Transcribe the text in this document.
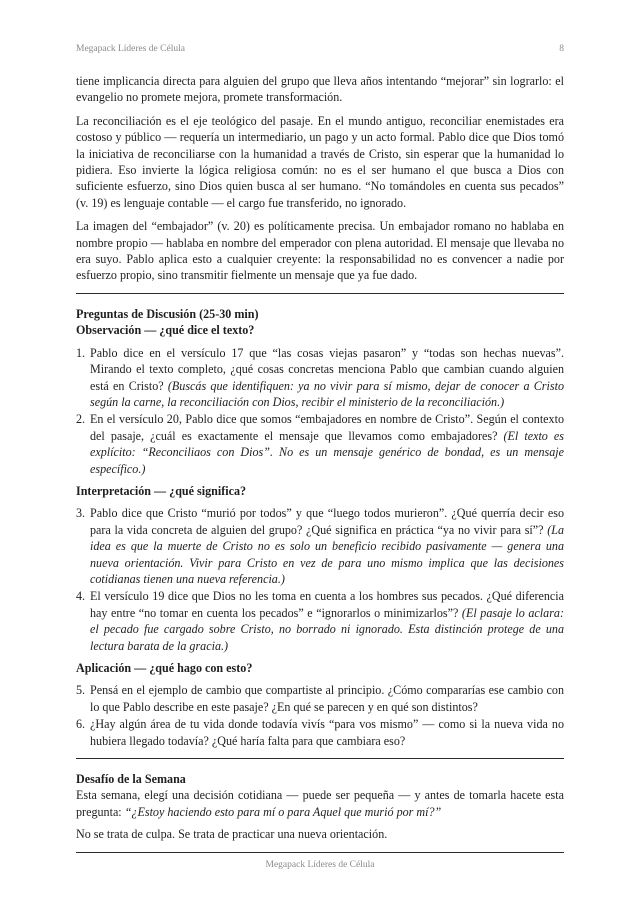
Megapack Líderes de Célula	8

tiene implicancia directa para alguien del grupo que lleva años intentando “mejorar” sin lograrlo: el evangelio no promete mejora, promete transformación.

La reconciliación es el eje teológico del pasaje. En el mundo antiguo, reconciliar enemistades era costoso y público — requería un intermediario, un pago y un acto formal. Pablo dice que Dios tomó la iniciativa de reconciliarse con la humanidad a través de Cristo, sin esperar que la humanidad lo pidiera. Eso invierte la lógica religiosa común: no es el ser humano el que busca a Dios con suficiente esfuerzo, sino Dios quien busca al ser humano. “No tomándoles en cuenta sus pecados” (v. 19) es lenguaje contable — el cargo fue transferido, no ignorado.

La imagen del “embajador” (v. 20) es políticamente precisa. Un embajador romano no hablaba en nombre propio — hablaba en nombre del emperador con plena autoridad. El mensaje que llevaba no era suyo. Pablo aplica esto a cualquier creyente: la responsabilidad no es convencer a nadie por esfuerzo propio, sino transmitir fielmente un mensaje que ya fue dado.

Preguntas de Discusión (25-30 min)
Observación — ¿qué dice el texto?
1. Pablo dice en el versículo 17 que “las cosas viejas pasaron” y “todas son hechas nuevas”. Mirando el texto completo, ¿qué cosas concretas menciona Pablo que cambian cuando alguien está en Cristo? (Buscás que identifiquen: ya no vivir para sí mismo, dejar de conocer a Cristo según la carne, la reconciliación con Dios, recibir el ministerio de la reconciliación.)
2. En el versículo 20, Pablo dice que somos “embajadores en nombre de Cristo”. Según el contexto del pasaje, ¿cuál es exactamente el mensaje que llevamos como embajadores? (El texto es explícito: “Reconciliaos con Dios”. No es un mensaje genérico de bondad, es un mensaje específico.)
Interpretación — ¿qué significa?
3. Pablo dice que Cristo “murió por todos” y que “luego todos murieron”. ¿Qué querría decir eso para la vida concreta de alguien del grupo? ¿Qué significa en práctica “ya no vivir para sí”? (La idea es que la muerte de Cristo no es solo un beneficio recibido pasivamente — genera una nueva orientación. Vivir para Cristo en vez de para uno mismo implica que las decisiones cotidianas tienen una nueva referencia.)
4. El versículo 19 dice que Dios no les toma en cuenta a los hombres sus pecados. ¿Qué diferencia hay entre “no tomar en cuenta los pecados” e “ignorarlos o minimizarlos”? (El pasaje lo aclara: el pecado fue cargado sobre Cristo, no borrado ni ignorado. Esta distinción protege de una lectura barata de la gracia.)
Aplicación — ¿qué hago con esto?
5. Pensá en el ejemplo de cambio que compartiste al principio. ¿Cómo compararías ese cambio con lo que Pablo describe en este pasaje? ¿En qué se parecen y en qué son distintos?
6. ¿Hay algún área de tu vida donde todavía vivís “para vos mismo” — como si la nueva vida no hubiera llegado todavía? ¿Qué haría falta para que cambiara eso?
Desafío de la Semana

Esta semana, elegí una decisión cotidiana — puede ser pequeña — y antes de tomarla hacete esta pregunta: “¿Estoy haciendo esto para mí o para Aquel que murió por mí?”

No se trata de culpa. Se trata de practicar una nueva orientación.

Megapack Líderes de Célula
